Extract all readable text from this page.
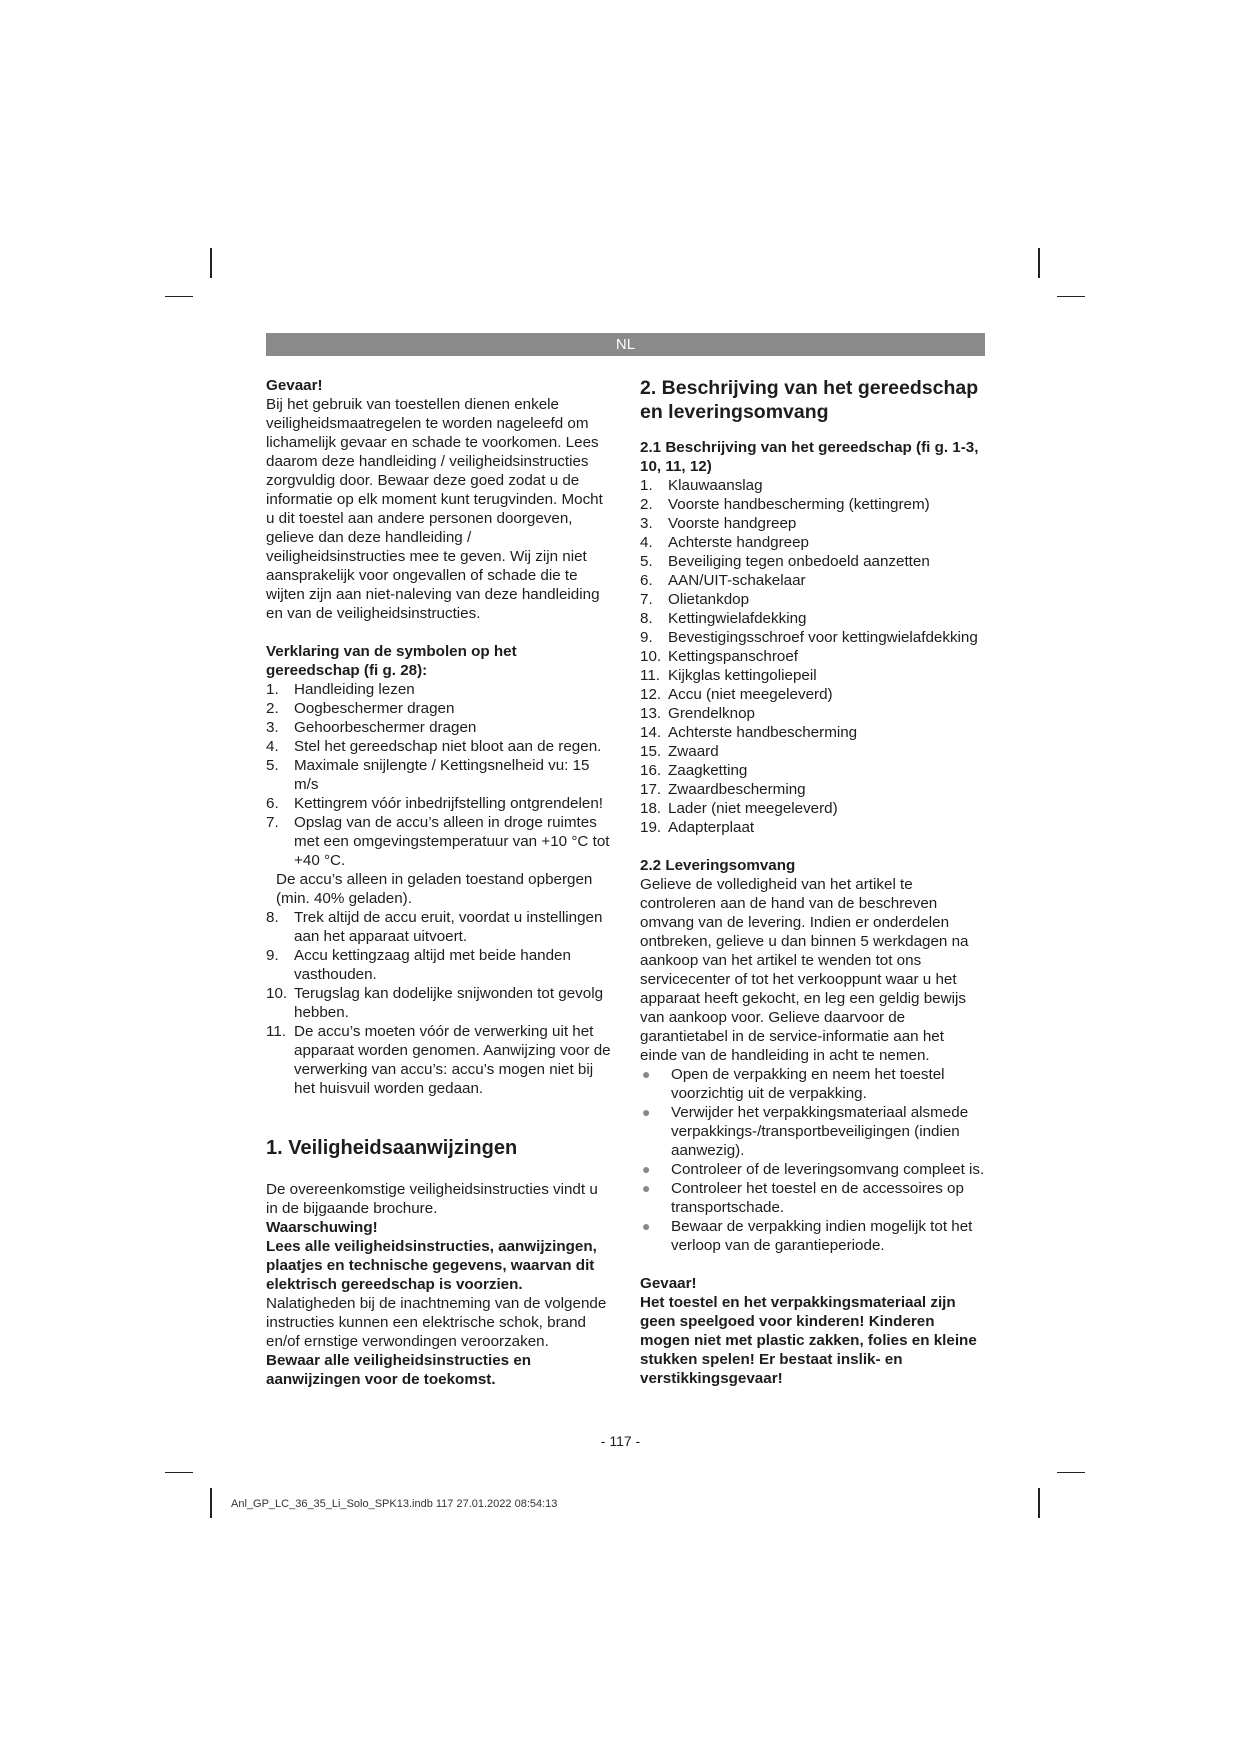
NL

Gevaar!

Bij het gebruik van toestellen dienen enkele veiligheidsmaatregelen te worden nageleefd om lichamelijk gevaar en schade te voorkomen. Lees daarom deze handleiding / veiligheidsinstructies zorgvuldig door. Bewaar deze goed zodat u de informatie op elk moment kunt terugvinden. Mocht u dit toestel aan andere personen doorgeven, gelieve dan deze handleiding / veiligheidsinstructies mee te geven. Wij zijn niet aansprakelijk voor ongevallen of schade die te wijten zijn aan niet-naleving van deze handleiding en van de veiligheidsinstructies.

Verklaring van de symbolen op het gereedschap (fi g. 28):

1.	Handleiding lezen
2.	Oogbeschermer dragen
3.	Gehoorbeschermer dragen
4.	Stel het gereedschap niet bloot aan de regen.
5.	Maximale snijlengte / Kettingsnelheid vu: 15 m/s
6.	Kettingrem vóór inbedrijfstelling ontgrendelen!
7.	Opslag van de accu’s alleen in droge ruimtes met een omgevingstemperatuur van +10 °C tot +40 °C.

De accu’s alleen in geladen toestand opbergen (min. 40% geladen).

8.	Trek altijd de accu eruit, voordat u instellingen aan het apparaat uitvoert.
9.	Accu kettingzaag altijd met beide handen vasthouden.
10. Terugslag kan dodelijke snijwonden tot gevolg hebben.
11. De accu’s moeten vóór de verwerking uit het apparaat worden genomen. Aanwijzing voor de verwerking van accu’s: accu’s mogen niet bij het huisvuil worden gedaan.

1. Veiligheidsaanwijzingen

De overeenkomstige veiligheidsinstructies vindt u in de bijgaande brochure.

Waarschuwing!

Lees alle veiligheidsinstructies, aanwijzingen, plaatjes en technische gegevens, waarvan dit elektrisch gereedschap is voorzien.

Nalatigheden bij de inachtneming van de volgende instructies kunnen een elektrische schok, brand en/of ernstige verwondingen veroorzaken.

Bewaar alle veiligheidsinstructies en aanwijzingen voor de toekomst.

2. Beschrijving van het gereedschap en leveringsomvang

2.1 Beschrijving van het gereedschap (fi g. 1-3, 10, 11, 12)

1.	Klauwaanslag
2.	Voorste handbescherming (kettingrem)
3.	Voorste handgreep
4.	Achterste handgreep
5.	Beveiliging tegen onbedoeld aanzetten
6.	AAN/UIT-schakelaar
7.	Olietankdop
8.	Kettingwielafdekking
9.	Bevestigingsschroef voor kettingwielafdekking
10. Kettingspanschroef
11. Kijkglas kettingoliepeil
12. Accu (niet meegeleverd)
13. Grendelknop
14. Achterste handbescherming
15. Zwaard
16. Zaagketting
17. Zwaardbescherming
18. Lader (niet meegeleverd)
19. Adapterplaat

2.2 Leveringsomvang

Gelieve de volledigheid van het artikel te controleren aan de hand van de beschreven omvang van de levering. Indien er onderdelen ontbreken, gelieve u dan binnen 5 werkdagen na aankoop van het artikel te wenden tot ons servicecenter of tot het verkooppunt waar u het apparaat heeft gekocht, en leg een geldig bewijs van aankoop voor. Gelieve daarvoor de garantietabel in de service-informatie aan het einde van de handleiding in acht te nemen.

● Open de verpakking en neem het toestel voorzichtig uit de verpakking.
● Verwijder het verpakkingsmateriaal alsmede verpakkings-/transportbeveiligingen (indien aanwezig).
● Controleer of de leveringsomvang compleet is.
● Controleer het toestel en de accessoires op transportschade.
● Bewaar de verpakking indien mogelijk tot het verloop van de garantieperiode.

Gevaar!

Het toestel en het verpakkingsmateriaal zijn geen speelgoed voor kinderen! Kinderen mogen niet met plastic zakken, folies en kleine stukken spelen! Er bestaat inslik- en verstikkingsgevaar!

- 117 -
Anl_GP_LC_36_35_Li_Solo_SPK13.indb 117 27.01.2022 08:54:13
